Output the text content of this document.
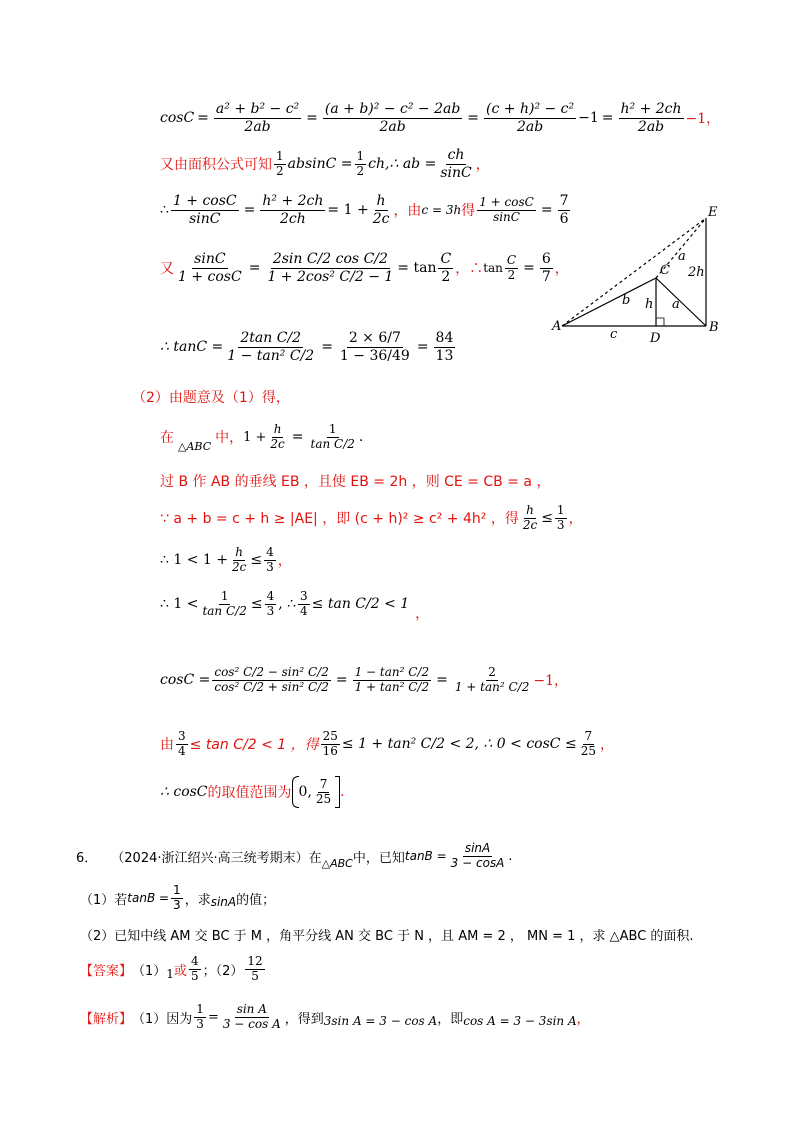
$\cos C = \frac{\text{a² + b² − c²}}{2ab} = \frac{\text{(a + b)² − c² − 2ab}}{2ab} = \frac{\text{(c + h)² − c²}}{2ab} -1 = \frac{\text{h² + 2ch}}{2ab} -1$，
又由面积公式可知 $\frac{1}{2}$ $absinC = \frac{1}{2}$ ch,∴ ab = $\frac{ch}{\sin C}$ ，
∴ $\frac{1 + \cos C}{\sin C} = \frac{\text{h² + 2ch}}{2ch} = 1 + \frac{h}{2c}$ ，由 c = 3h 得 $\frac{1 + \cos C}{\sin C} = \frac{7}{6}$
又 $\frac{\sin C}{1 + \cos C} = \frac{\text{2sin C/2 cos C/2}}{\text{1 + 2cos² C/2 − 1}} = \tan \frac{C}{2}$ ，∴ $\tan \frac{C}{2} = \frac{6}{7}$ ，
∴ $\tan C = \frac{\text{2tan C/2}}{\text{1 − tan² C/2}} = \frac{2 \times 6/7}{1 - 36/49} = \frac{84}{13}$
E
a
2h
C
b h a
A
c	D
B
（2）由题意及（1）得，
在 △ABC 中， $1 + \frac{h}{2c} = \frac{1}{\text{tan C/2}}$ .
过 B 作 AB 的垂线 EB ，且使 EB = 2h ，则 CE = CB = a ，
∵ a + b = c + h ≥ |AE| ，即 (c + h)² ≥ c² + 4h² ，得 $\frac{h}{2c} \le \frac{1}{3}$ ，
∴ $1 < 1 + \frac{h}{2c} \le \frac{4}{3}$ ，
∴ $1 < \frac{1}{\text{tan C/2}} \le \frac{4}{3}$ , ∴ $\frac{3}{4} \le \tan C/2 < 1$
，
$\cos C = \frac{\text{cos² C/2 − sin² C/2}}{\text{cos² C/2 + sin² C/2}} = \frac{\text{1 − tan² C/2}}{\text{1 + tan² C/2}} = \frac{2}{\text{1 + tan² C/2}} -1$，
由 $\frac{3}{4} \le \tan C/2 < 1$ ，得 $\frac{25}{16} \le 1 + \tan^2$ C/2 < 2, ∴ $0 < \cos C \le \frac{7}{25}$ ，
∴ cosC 的取值范围为 0, $\frac{7}{25}$ .
6． （2024·浙江绍兴·高三统考期末） 在 △ABC 中，已知 $\tan B = \frac{\sin A}{3 - \cos A}$ .
（1）若 $\tan B = \frac{1}{3}$ ，求 sinA 的值；
（2）已知中线 AM 交 BC 于 M ，角平分线 AN 交 BC 于 N ，且 AM = 2 ， MN = 1 ，求 △ABC 的面积.
【答案】 （1） 1 或 $\frac{4}{5}$ ；$(2) \frac{12}{5}$
【解析】 （1）因为 $\frac{1}{3} = \frac{\text{sin A}}{\text{3 − cos A}}$ ，得到 3sin A = 3 − cos A ，即 cos A = 3 − 3sin A ，
